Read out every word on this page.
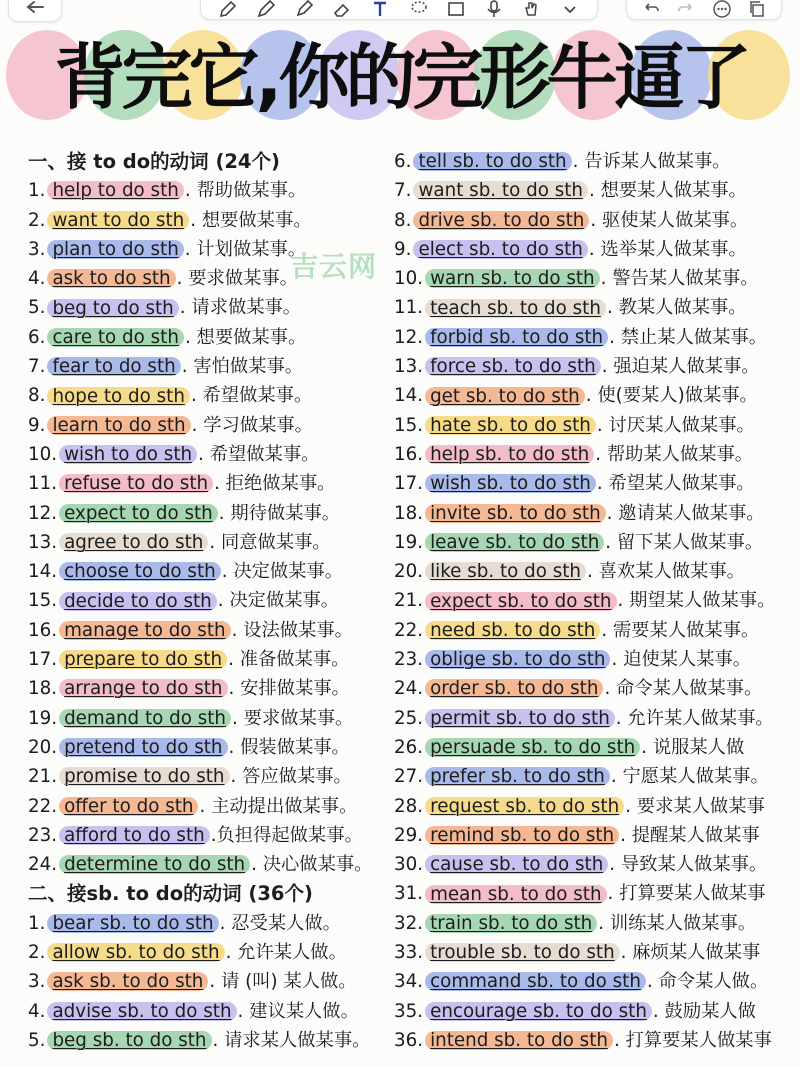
背完它,你的完形牛逼了
吉云网
一、接 to do的动词 (24个)
1. help to do sth . 帮助做某事。
2. want to do sth . 想要做某事。
3. plan to do sth . 计划做某事。
4. ask to do sth . 要求做某事。
5. beg to do sth . 请求做某事。
6. care to do sth . 想要做某事。
7. fear to do sth . 害怕做某事。
8. hope to do sth . 希望做某事。
9. learn to do sth . 学习做某事。
10. wish to do sth . 希望做某事。
11. refuse to do sth . 拒绝做某事。
12. expect to do sth . 期待做某事。
13. agree to do sth . 同意做某事。
14. choose to do sth . 决定做某事。
15. decide to do sth . 决定做某事。
16. manage to do sth . 设法做某事。
17. prepare to do sth . 准备做某事。
18. arrange to do sth . 安排做某事。
19. demand to do sth . 要求做某事。
20. pretend to do sth . 假装做某事。
21. promise to do sth . 答应做某事。
22. offer to do sth . 主动提出做某事。
23. afford to do sth .负担得起做某事。
24. determine to do sth . 决心做某事。
二、接sb. to do的动词 (36个)
1. bear sb. to do sth . 忍受某人做。
2. allow sb. to do sth . 允许某人做。
3. ask sb. to do sth . 请 (叫) 某人做。
4. advise sb. to do sth . 建议某人做。
5. beg sb. to do sth . 请求某人做某事。
6. tell sb. to do sth . 告诉某人做某事。
7. want sb. to do sth . 想要某人做某事。
8. drive sb. to do sth . 驱使某人做某事。
9. elect sb. to do sth . 选举某人做某事。
10. warn sb. to do sth . 警告某人做某事。
11. teach sb. to do sth . 教某人做某事。
12. forbid sb. to do sth . 禁止某人做某事。
13. force sb. to do sth . 强迫某人做某事。
14. get sb. to do sth . 使(要某人)做某事。
15. hate sb. to do sth . 讨厌某人做某事。
16. help sb. to do sth . 帮助某人做某事。
17. wish sb. to do sth . 希望某人做某事。
18. invite sb. to do sth . 邀请某人做某事。
19. leave sb. to do sth . 留下某人做某事。
20. like sb. to do sth . 喜欢某人做某事。
21. expect sb. to do sth . 期望某人做某事。
22. need sb. to do sth . 需要某人做某事。
23. oblige sb. to do sth . 迫使某人某事。
24. order sb. to do sth . 命令某人做某事。
25. permit sb. to do sth . 允许某人做某事。
26. persuade sb. to do sth . 说服某人做
27. prefer sb. to do sth . 宁愿某人做某事。
28. request sb. to do sth . 要求某人做某事
29. remind sb. to do sth . 提醒某人做某事
30. cause sb. to do sth . 导致某人做某事。
31. mean sb. to do sth . 打算要某人做某事
32. train sb. to do sth . 训练某人做某事。
33. trouble sb. to do sth . 麻烦某人做某事
34. command sb. to do sth . 命令某人做。
35. encourage sb. to do sth . 鼓励某人做
36. intend sb. to do sth . 打算要某人做某事
